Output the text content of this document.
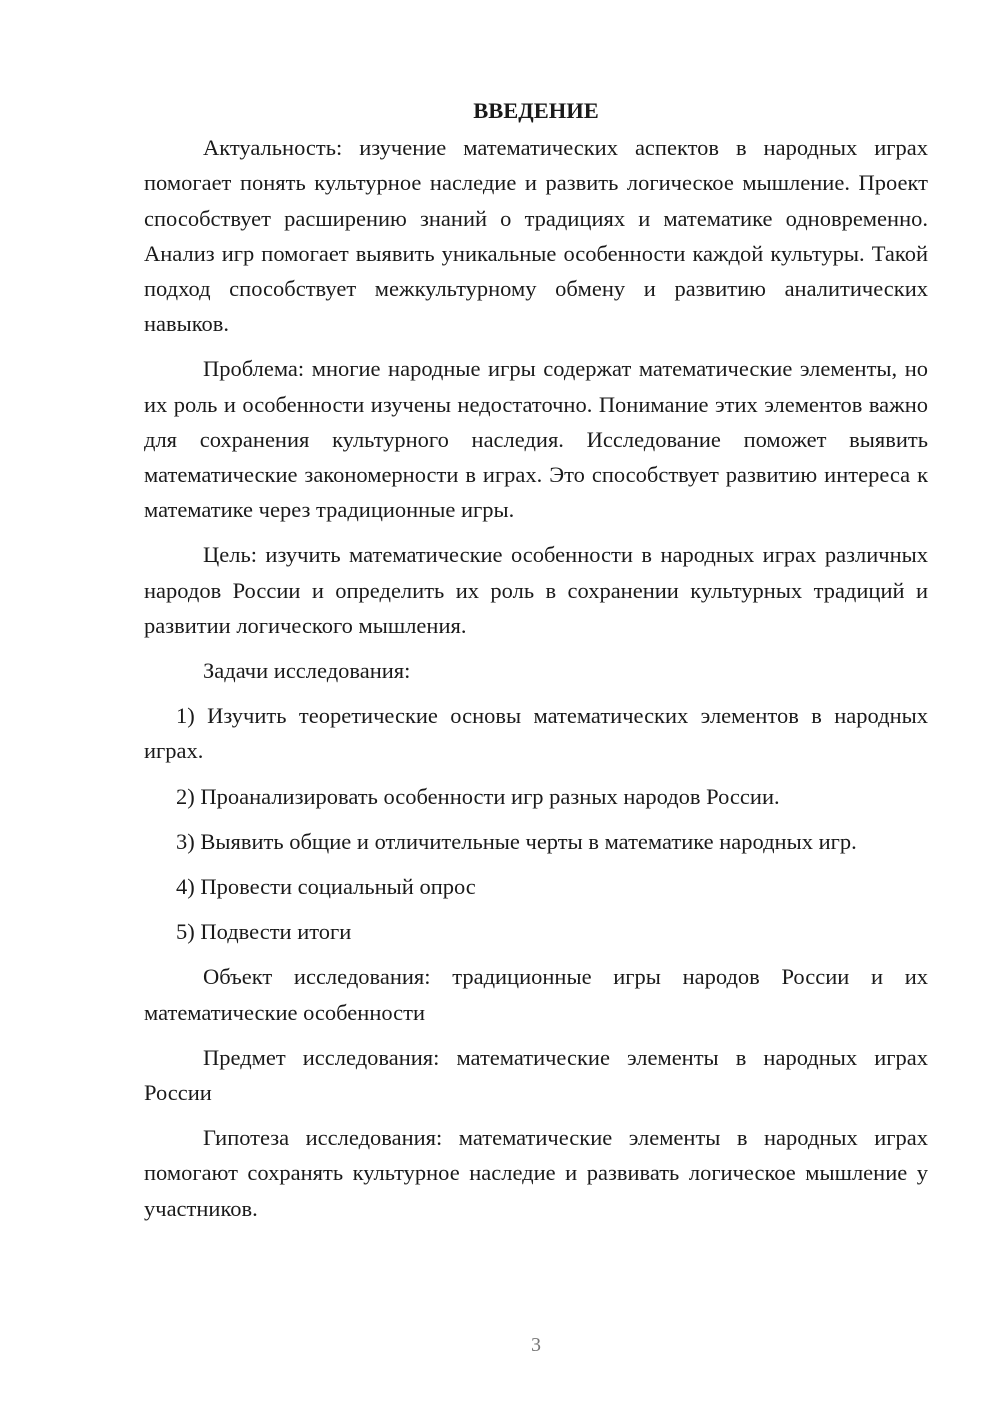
ВВЕДЕНИЕ

Актуальность: изучение математических аспектов в народных играх помогает понять культурное наследие и развить логическое мышление. Проект способствует расширению знаний о традициях и математике одновременно. Анализ игр помогает выявить уникальные особенности каждой культуры. Такой подход способствует межкультурному обмену и развитию аналитических навыков.

Проблема: многие народные игры содержат математические элементы, но их роль и особенности изучены недостаточно. Понимание этих элементов важно для сохранения культурного наследия. Исследование поможет выявить математические закономерности в играх. Это способствует развитию интереса к математике через традиционные игры.

Цель: изучить математические особенности в народных играх различных народов России и определить их роль в сохранении культурных традиций и развитии логического мышления.

Задачи исследования:

1) Изучить теоретические основы математических элементов в народных играх.

2) Проанализировать особенности игр разных народов России.

3) Выявить общие и отличительные черты в математике народных игр.

4) Провести социальный опрос

5) Подвести итоги

Объект исследования: традиционные игры народов России и их математические особенности

Предмет исследования: математические элементы в народных играх России

Гипотеза исследования: математические элементы в народных играх помогают сохранять культурное наследие и развивать логическое мышление у участников.

3
